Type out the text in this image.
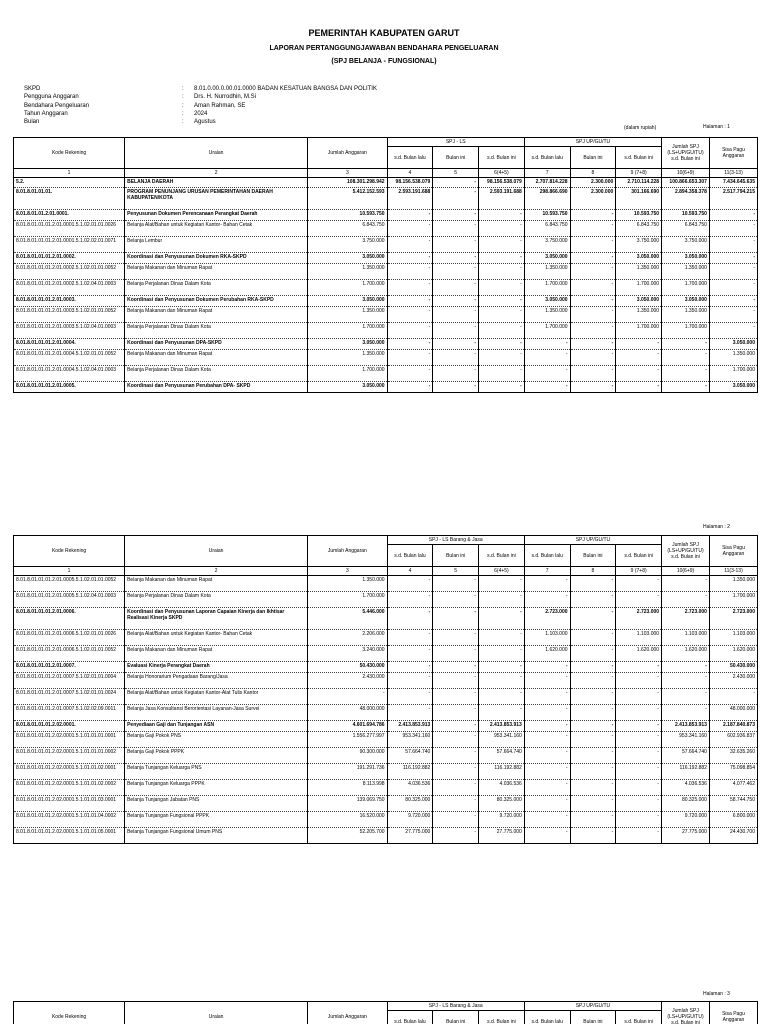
PEMERINTAH KABUPATEN GARUT
LAPORAN PERTANGGUNGJAWABAN BENDAHARA PENGELUARAN
(SPJ BELANJA - FUNGSIONAL)
SKPD	: 8.01.0.00.0.00.01.0000 BADAN KESATUAN BANGSA DAN POLITIK
Pengguna Anggaran	: Drs. H. Nurrodhin, M.Si
Bendahara Pengeluaran	: Aman Rahman, SE
Tahun Anggaran	: 2024
Bulan	: Agustus
(dalam rupiah)	Halaman : 1
Kode Rekening	Uraian	Jumlah Anggaran	SPJ - LS			SPJ UP/GU/TU			Jumlah SPJ (LS+UP/GU/TU) s.d. Bulan ini	Sisa Pagu Anggaran
			s.d. Bulan lalu	Bulan ini	s.d. Bulan ini	s.d. Bulan lalu	Bulan ini	s.d. Bulan ini		
1	2	3	4	5	6(4+5)	7	8	9 (7+8)	10(6+9)	11(3-13)
5.2.	BELANJA DAERAH	108.301.298.942	98.156.538.079	-	98.156.538.079	2.707.814.228	2.300.000	2.710.114.228	100.866.653.307	7.434.645.635
8.01.8.01.01.01.	PROGRAM PENUNJANG URUSAN PEMERINTAHAN DAERAH KABUPATEN/KOTA	5.412.152.593	2.593.191.688	-	2.593.191.688	298.866.690	2.300.000	301.166.690	2.894.358.378	2.517.794.215
8.01.8.01.01.2.01.0001.	Penyusunan Dokumen Perencanaan Perangkat Daerah	10.593.750	-	-	-	10.593.750	-	10.593.750	10.593.750	-
8.01.8.01.01.01.2.01.0001.5.1.02.01.01.0026	Belanja Alat/Bahan untuk Kegiatan Kantor- Bahan Cetak	6.843.750	-	-	-	6.843.750	-	6.843.750	6.843.750	-
8.01.8.01.01.01.2.01.0001.5.1.02.02.01.0071	Belanja Lembur	3.750.000	-	-	-	3.750.000	-	3.750.000	3.750.000	-
8.01.8.01.01.01.2.01.0002.	Koordinasi dan Penyusunan Dokumen RKA-SKPD	3.050.000	-	-	-	3.050.000	-	3.050.000	3.050.000	-
8.01.8.01.01.01.2.01.0002.5.1.02.01.01.0052	Belanja Makanan dan Minuman Rapat	1.350.000	-	-	-	1.350.000	-	1.350.000	1.350.000	-
8.01.8.01.01.01.2.01.0002.5.1.02.04.01.0003	Belanja Perjalanan Dinas Dalam Kota	1.700.000	-	-	-	1.700.000	-	1.700.000	1.700.000	-
8.01.8.01.01.01.2.01.0003.	Koordinasi dan Penyusunan Dokumen Perubahan RKA-SKPD	3.050.000	-	-	-	3.050.000	-	3.050.000	3.050.000	-
8.01.8.01.01.01.2.01.0003.5.1.02.01.01.0052	Belanja Makanan dan Minuman Rapat	1.350.000	-	-	-	1.350.000	-	1.350.000	1.350.000	-
8.01.8.01.01.01.2.01.0003.5.1.02.04.01.0003	Belanja Perjalanan Dinas Dalam Kota	1.700.000	-	-	-	1.700.000	-	1.700.000	1.700.000	-
8.01.8.01.01.01.2.01.0004.	Koordinasi dan Penyusunan DPA-SKPD	3.050.000	-	-	-	-	-	-	-	3.050.000
8.01.8.01.01.01.2.01.0004.5.1.02.01.01.0052	Belanja Makanan dan Minuman Rapat	1.350.000	-	-	-	-	-	-	-	1.350.000
8.01.8.01.01.01.2.01.0004.5.1.02.04.01.0003	Belanja Perjalanan Dinas Dalam Kota	1.700.000	-	-	-	-	-	-	-	1.700.000
8.01.8.01.01.01.2.01.0005.	Koordinasi dan Penyusunan Perubahan DPA- SKPD	3.050.000	-	-	-	-	-	-	-	3.050.000
Halaman : 2
Kode Rekening	Uraian	Jumlah Anggaran	SPJ - LS Barang & Jasa			SPJ UP/GU/TU			Jumlah SPJ (LS+UP/GU/TU) s.d. Bulan ini	Sisa Pagu Anggaran
			s.d. Bulan lalu	Bulan ini	s.d. Bulan ini	s.d. Bulan lalu	Bulan ini	s.d. Bulan ini		
1	2	3	4	5	6(4+5)	7	8	9 (7+8)	10(6+9)	11(3-13)
8.01.8.01.01.01.2.01.0005.5.1.02.01.01.0052	Belanja Makanan dan Minuman Rapat	1.350.000	-	-	-	-	-	-	-	1.350.000
8.01.8.01.01.01.2.01.0005.5.1.02.04.01.0003	Belanja Perjalanan Dinas Dalam Kota	1.700.000	-	-	-	-	-	-	-	1.700.000
8.01.8.01.01.01.2.01.0006.	Koordinasi dan Penyusunan Laporan Capaian Kinerja dan Ikhtisar Realisasi Kinerja SKPD	5.446.000	-	-	-	2.723.000	-	2.723.000	2.723.000	2.723.000
8.01.8.01.01.01.2.01.0006.5.1.02.01.01.0026	Belanja Alat/Bahan untuk Kegiatan Kantor- Bahan Cetak	2.206.000	-	-	-	1.103.000	-	1.103.000	1.103.000	1.103.000
8.01.8.01.01.01.2.01.0006.5.1.02.01.01.0052	Belanja Makanan dan Minuman Rapat	3.240.000	-	-	-	1.620.000	-	1.620.000	1.620.000	1.620.000
8.01.8.01.01.01.2.01.0007.	Evaluasi Kinerja Perangkat Daerah	50.430.000	-	-	-	-	-	-	-	50.430.000
8.01.8.01.01.01.2.01.0007.5.1.02.01.01.0004	Belanja Honorarium Pengadaan Barang/Jasa	2.430.000	-	-	-	-	-	-	-	2.430.000
8.01.8.01.01.01.2.01.0007.5.1.02.01.01.0024	Belanja Alat/Bahan untuk Kegiatan Kantor-Alat Tulis Kantor	-	-	-	-	-	-	-	-	-
8.01.8.01.01.01.2.01.0007.5.1.02.02.09.0011	Belanja Jasa Konsultansi Berorientasi Layanan-Jasa Survei	48.000.000	-	-	-	-	-	-	-	48.000.000
8.01.8.01.01.01.2.02.0001.	Penyediaan Gaji dan Tunjangan ASN	4.601.694.786	2.413.853.913	-	2.413.853.913	-	-	-	2.413.853.913	2.187.840.873
8.01.8.01.01.01.2.02.0001.5.1.01.01.01.0001	Belanja Gaji Pokok PNS	1.556.277.997	953.341.160	-	953.341.160	-	-	-	953.341.160	602.936.837
8.01.8.01.01.01.2.02.0001.5.1.01.01.01.0002	Belanja Gaji Pokok PPPK	90.300.000	57.664.740	-	57.664.740	-	-	-	57.664.740	32.635.260
8.01.8.01.01.01.2.02.0001.5.1.01.01.02.0001	Belanja Tunjangan Keluarga PNS	191.291.736	116.192.882	-	116.192.882	-	-	-	116.192.882	75.098.854
8.01.8.01.01.01.2.02.0001.5.1.01.01.02.0002	Belanja Tunjangan Keluarga PPPK	8.113.998	4.036.536	-	4.036.536	-	-	-	4.036.536	4.077.462
8.01.8.01.01.01.2.02.0001.5.1.01.01.03.0001	Belanja Tunjangan Jabatan PNS	139.069.750	80.325.000	-	80.325.000	-	-	-	80.325.000	58.744.750
8.01.8.01.01.01.2.02.0001.5.1.01.01.04.0002	Belanja Tunjangan Fungsional PPPK	16.520.000	9.720.000	-	9.720.000	-	-	-	9.720.000	6.800.000
8.01.8.01.01.01.2.02.0001.5.1.01.01.05.0001	Belanja Tunjangan Fungsional Umum PNS	52.205.700	27.775.000	-	27.775.000	-	-	-	27.775.000	24.430.700
Halaman : 3
Kode Rekening	Uraian	Jumlah Anggaran	SPJ - LS Barang & Jasa			SPJ UP/GU/TU			Jumlah SPJ (LS+UP/GU/TU) s.d. Bulan ini	Sisa Pagu Anggaran
			s.d. Bulan lalu	Bulan ini	s.d. Bulan ini	s.d. Bulan lalu	Bulan ini	s.d. Bulan ini		
